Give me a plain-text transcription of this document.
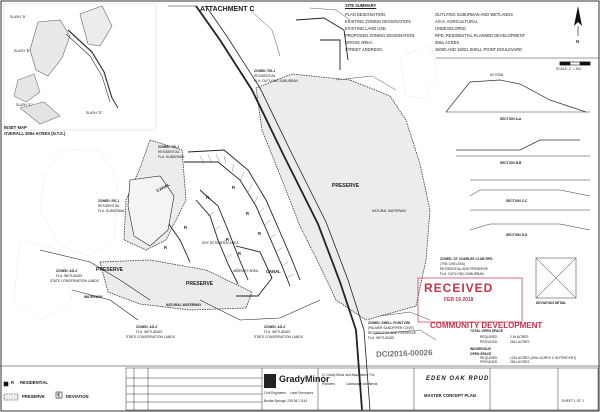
ATTACHMENT C
INSET MAP
OVERALL 306± ACRES (N.T.S.)
SLASH "A"
SLASH "B"
SLASH "C"
SLASH "D"
SITE SUMMARY
PLAN DESIGNATION:	OUTLYING SUBURBAN AND WETLANDS
EXISTING ZONING DESIGNATION:	AG-2, AGRICULTURAL
EXISTING LAND USE:	UNDEVELOPED
PROPOSED ZONING DESIGNATION:	RPD, RESIDENTIAL PLANNED DEVELOPMENT
GROSS AREA:	306± ACRES
STREET ADDRESS:	16000 AND 16021 SHELL POINT BOULEVARD
N
SCALE: 1" = 300'
SECTION A-A
60' ROW
SECTION B-B
SECTION C-C
SECTION D-D
DEVIATION DETAIL
PRESERVE
PRESERVE
PRESERVE
CANAL
CANAL
R
R
R
R
R
R
R
R
DRY DETENTION AREA
AMENITY AREA
ZONED: RS-1
RESIDENTIAL
FLU: OUTLYING SUBURBAN
ZONED: RS-1
RESIDENTIAL
FLU: SUBURBAN
ZONED: RS-1
RESIDENTIAL
FLU: SUBURBAN
ZONED: AG-2
FLU: WETLANDS
STATE CONSERVATION LANDS
ZONED: AG-2
FLU: WETLANDS
STATE CONSERVATION LANDS
ZONED: AG-2
FLU: WETLANDS
STATE CONSERVATION LANDS
WATERWAY
NATURAL WATERWAY
ZONED: SHELL POINT DRI
(PALMER SANDPIPER COVE)
RESIDENTIAL AND PRESERVE
FLU: WETLANDS
ZONED: ST CHARLES CLUB RPD
(THE CHELSEA)
RESIDENTIAL AND PRESERVE
FLU: OUTLYING SUBURBAN
NATURAL WATERWAY
RECEIVED
FEB 19 2018
COMMUNITY DEVELOPMENT
DCI2016-00026
TOTAL OPEN SPACE
REQUIRED	2.5± ACRES
PROVIDED	281± ACRES
INDIGENOUS
OPEN SPACE
REQUIRED	122± ACRES (306± ACRES X 40 PERCENT)
PROVIDED	281± ACRES
R RESIDENTIAL
PRESERVE	# DEVIATION
GradyMinor
Civil Engineers Land Surveyors
Q. Grady Minor and Associates, P.A.
Planners	Landscape Architects
Bonita Springs: 239.947.1144
EDEN OAK RPUD
MASTER CONCEPT PLAN
SHEET 1 OF 1
